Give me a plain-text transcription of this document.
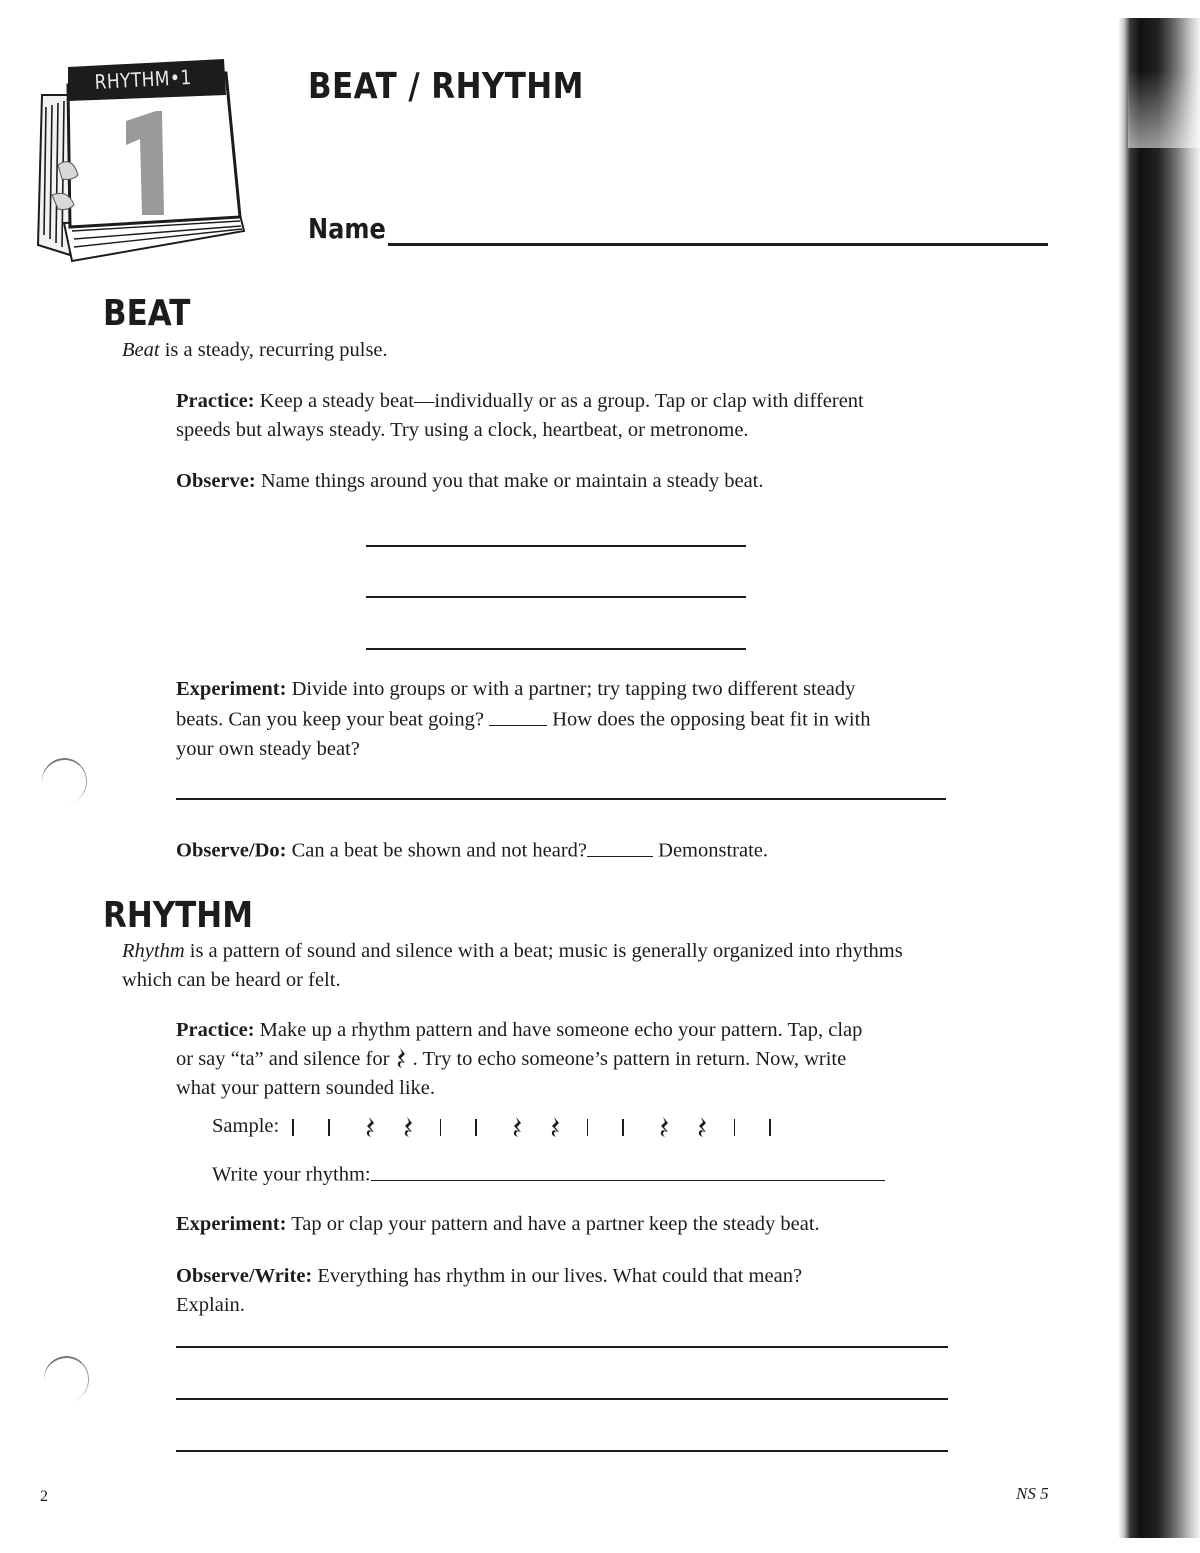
RHYTHM•1	BEAT / RHYTHM
Name
BEAT
Beat is a steady, recurring pulse.
Practice: Keep a steady beat—individually or as a group. Tap or clap with different
speeds but always steady. Try using a clock, heartbeat, or metronome.
Observe: Name things around you that make or maintain a steady beat.
Experiment: Divide into groups or with a partner; try tapping two different steady
beats. Can you keep your beat going?	How does the opposing beat fit in with
your own steady beat?
Observe/Do: Can a beat be shown and not heard?	Demonstrate.
RHYTHM
Rhythm is a pattern of sound and silence with a beat; music is generally organized into rhythms
which can be heard or felt.
Practice: Make up a rhythm pattern and have someone echo your pattern. Tap, clap
or say “ta” and silence for
. Try to echo someone’s pattern in return. Now, write
what your pattern sounded like.
Sample:
Write your rhythm:
Experiment: Tap or clap your pattern and have a partner keep the steady beat.
Observe/Write: Everything has rhythm in our lives. What could that mean?
Explain.
2	NS 5
